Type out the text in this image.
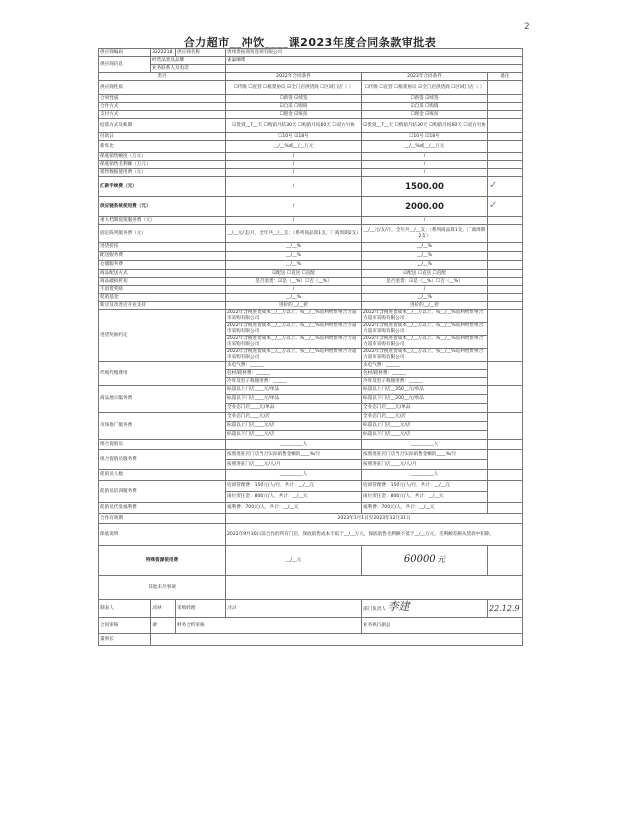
2
合力超市__冲饮____课2023年度合同条款审批表
供应商编码	3222218	供应商名称	贵州贵拓商贸连锁有限公司		
供应商信息	经营品类及品牌		雀巢咖啡		
	业务联系人及电话				
类目			2022年合同条件	2023年合同条件	备注
供应商性质			☐代唯 ☐直营 ☐框架协议 ☑全门店供货商 ☐区域门店（ ）	☐代唯 ☐直营 ☐框架协议 ☑全门店供货商 ☐区域门店（ ）	
合同性质			☐新签 ☑续签	☐新签 ☑续签	
合作方式			☑自采 ☐购销	☑自采 ☐购销	
支付方式			☐现金 ☑账扣	☐现金 ☑账扣	
结算方式及帐期			☑货到__7__天 ☐购销月结30天 ☐购销月结60天 ☐双方另协	☑货到__7__天 ☐购销月结30天 ☐购销月结60天 ☐双方另协	
付款日			☐10号 ☑18号	☐10号 ☑18号	
新库比			__/__%或__/__万元	__/__%或__/__万元	
保底销售额度（万元）			/	/	
保底销售毛利额（万元）			/	/	
销售数据使用费（元）			/	/	
汇款手续费（元）			/	1500.00	✓
供应链系统使用费（元）			/	2000.00	✓
重大档期促销服务费（元）			/	/	
固定陈列服务费（元）			__/__元/支/月，全年共__/__支；（系列商品算1支，厂商周期2支）	__/__元/支/月，全年共__/__支；（系列商品算1支，厂商周期2支）	
进货折扣			__/__%	__/__%	
配送服务费			__/__%	__/__%	
仓储服务费			__/__%	__/__%	
商品配送方式			☑配送 ☐直送 ☐直配	☑配送 ☐直送 ☐直配	
商品破损折扣			是否退货：☑是（__%）☐否（__%）	是否退货：☑是（__%）☐否（__%）	
不退货奖励			/	/	
促销基金			__/__%	__/__%	
新店及改善店开业支持			进价的__/__折	进价的__/__折	
进货奖励约定			2022年含税进货成本__/__万以上，按__/__%返利给贵州合力超市采购有限公司	2022年含税进货成本__/__万以上，按__/__%返利给贵州合力超市采购有限公司	
			2022年含税进货成本__/__万以上，按__/__%返利给贵州合力超市采购有限公司	2022年含税进货成本__/__万以上，按__/__%返利给贵州合力超市采购有限公司	
			2022年含税进货成本__/__万以上，按__/__%返利给贵州合力超市采购有限公司	2022年含税进货成本__/__万以上，按__/__%返利给贵州合力超市采购有限公司	
			2022年含税进货成本__/__万以上，按__/__%返利给贵州合力超市采购有限公司	2022年含税进货成本__/__万以上，按__/__%返利给贵州合力超市采购有限公司	
代购代缴费用			水电气费：______	水电气费：______	
			包材/耗材费：______	包材/耗材费：______	
			冷库及电子称使用费：______	冷库及电子称使用费：______	
商品展示服务费			标超以上门店____元/单品	标超以上门店__350__元/单品	
			标超以下门店____元/单品	标超以下门店__200__元/单品	
			全业态门店____元/单品	全业态门店____元/单品	
市场推广服务费			全业态门店____元/店	全业态门店____元/店	
			标超以上门店____元/店	标超以上门店____元/店	
			标超以下门店____元/店	标超以下门店____元/店	
组合促销员			__________人	__________人	
组合促销员服务费			按照进驻店门店当月实际销售金额的____%/月	按照进驻店门店当月实际销售金额的____%/月	
			按照进驻门店____元/人/月	按照进驻门店____元/人/月	
促销员人数			__________人	__________人	
促销员培训服务费			培训管理费：150元/人/月，共计：__/__元	培训管理费：150元/人/月，共计：__/__元	
			岗位责任金：800元/人，共计：__/__元	岗位责任金：800元/人，共计：__/__元	
促销员代发福利费			福利费：700元/人，共计：__/__元	福利费：700元/人，共计：__/__元	
合作有效期			2023年1月1日至2023年12月31日		
保底说明			2022年9月30日前合作的所有门店，保底销售成本不低于__/__万元，保底销售毛利额不低于__/__万元，毛利额差额从货款中扣除。		
特殊资源使用费			__/__元	60000 元	
其他未尽事项					
制表人	邱林	采购经理	沈洁	部门负责人 李建	22.12.9
合同审核	谢	财务合约审核		业务执行副总	
董事长					
